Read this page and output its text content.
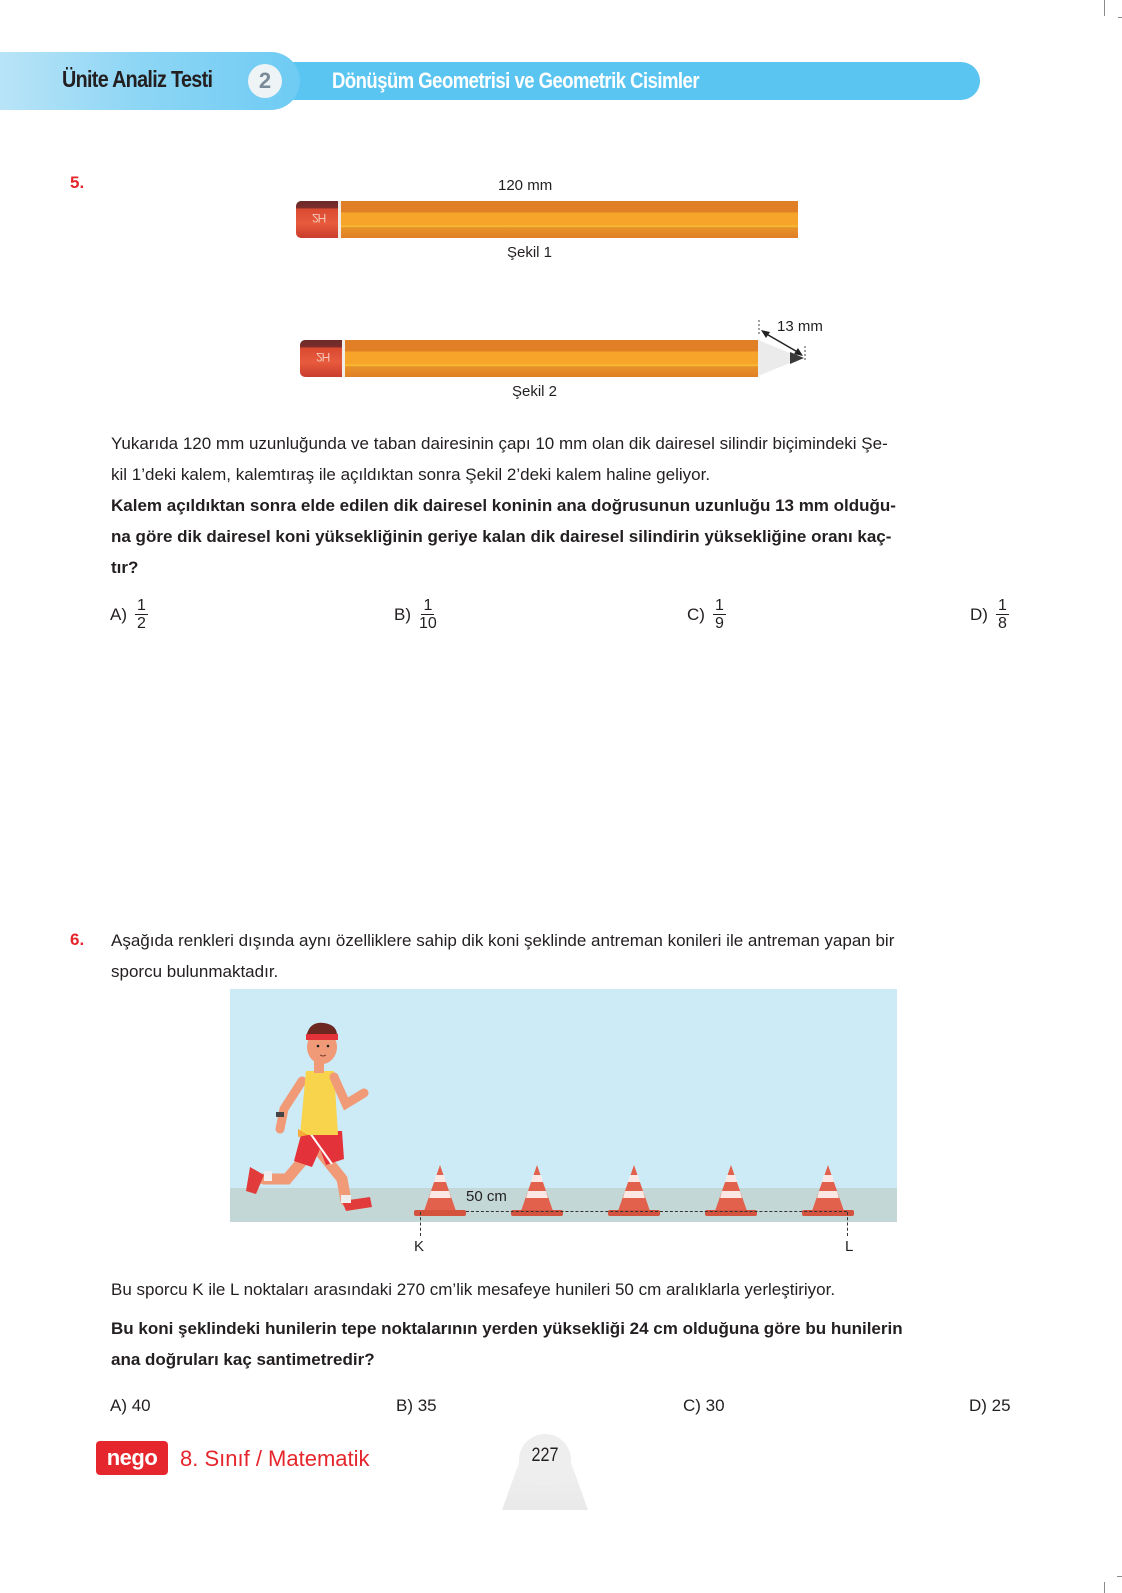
Ünite Analiz Testi	2	Dönüşüm Geometrisi ve Geometrik Cisimler
5.	120 mm
2H
Şekil 1
13 mm
2H
Şekil 2
Yukarıda 120 mm uzunluğunda ve taban dairesinin çapı 10 mm olan dik dairesel silindir biçimindeki Şe-
kil 1’deki kalem, kalemtıraş ile açıldıktan sonra Şekil 2’deki kalem haline geliyor.
Kalem açıldıktan sonra elde edilen dik dairesel koninin ana doğrusunun uzunluğu 13 mm olduğu-
na göre dik dairesel koni yüksekliğinin geriye kalan dik dairesel silindirin yüksekliğine oranı kaç-
tır?
$A) \frac{1}{2}$	$B) \frac{1}{10}$	$C) \frac{1}{9}$	$D) \frac{1}{8}$
6. Aşağıda renkleri dışında aynı özelliklere sahip dik koni şeklinde antreman konileri ile antreman yapan bir
sporcu bulunmaktadır.
50 cm
K	L
Bu sporcu K ile L noktaları arasındaki 270 cm’lik mesafeye hunileri 50 cm aralıklarla yerleştiriyor.
Bu koni şeklindeki hunilerin tepe noktalarının yerden yüksekliği 24 cm olduğuna göre bu hunilerin
ana doğruları kaç santimetredir?
A) 40	B) 35	C) 30	D) 25
nego	8. Sınıf / Matematik	227
